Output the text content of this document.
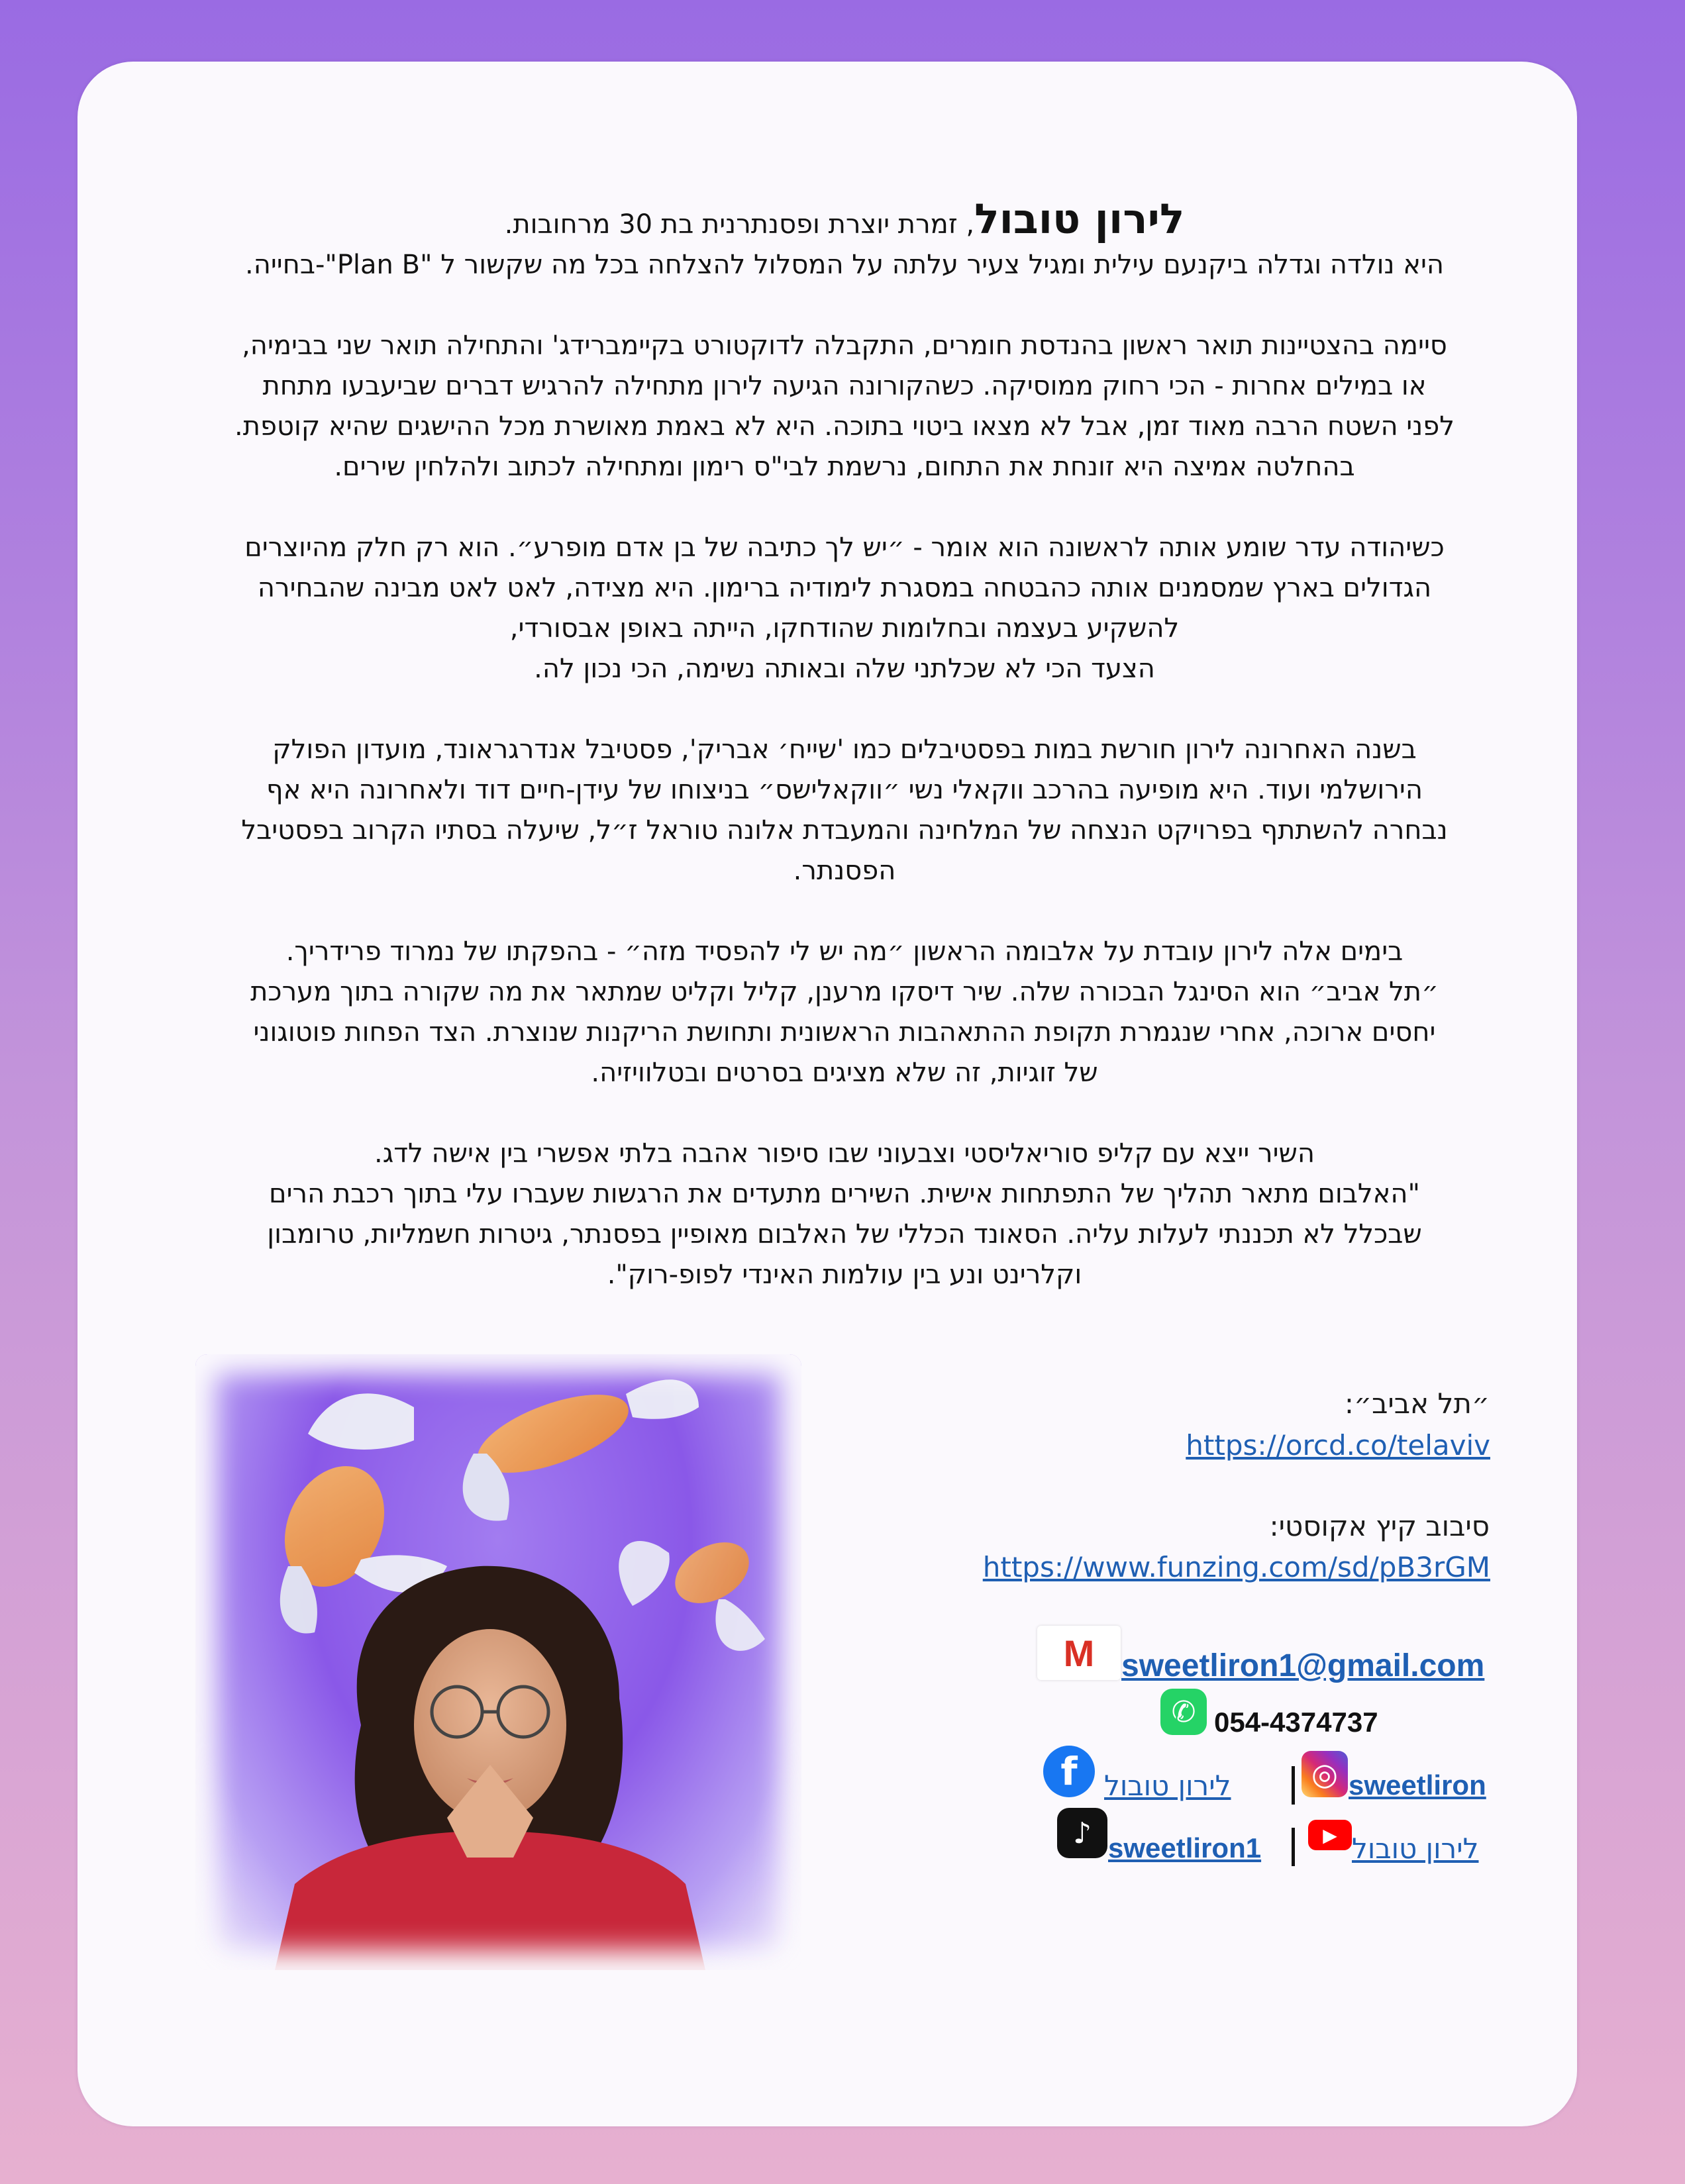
לירון טובול, זמרת יוצרת ופסנתרנית בת 30 מרחובות.
היא נולדה וגדלה ביקנעם עילית ומגיל צעיר עלתה על המסלול להצלחה בכל מה שקשור ל "Plan B"-בחייה.

סיימה בהצטיינות תואר ראשון בהנדסת חומרים, התקבלה לדוקטורט בקיימברידג' והתחילה תואר שני בבימיה,
או במילים אחרות - הכי רחוק ממוסיקה. כשהקורונה הגיעה לירון מתחילה להרגיש דברים שביעבעו מתחת
לפני השטח הרבה מאוד זמן, אבל לא מצאו ביטוי בתוכה. היא לא באמת מאושרת מכל ההישגים שהיא קוטפת.
בהחלטה אמיצה היא זונחת את התחום, נרשמת לבי"ס רימון ומתחילה לכתוב ולהלחין שירים.

כשיהודה עדר שומע אותה לראשונה הוא אומר - ״יש לך כתיבה של בן אדם מופרע״. הוא רק חלק מהיוצרים
הגדולים בארץ שמסמנים אותה כהבטחה במסגרת לימודיה ברימון. היא מצידה, לאט לאט מבינה שהבחירה
להשקיע בעצמה ובחלומות שהודחקו, הייתה באופן אבסורדי,
הצעד הכי לא שכלתני שלה ובאותה נשימה, הכי נכון לה.

בשנה האחרונה לירון חורשת במות בפסטיבלים כמו 'שייח׳ אבריק', פסטיבל אנדרגראונד, מועדון הפולק
הירושלמי ועוד. היא מופיעה בהרכב ווקאלי נשי ״ווקאלישס״ בניצוחו של עידן-חיים דוד ולאחרונה היא אף
נבחרה להשתתף בפרויקט הנצחה של המלחינה והמעבדת אלונה טוראל ז״ל, שיעלה בסתיו הקרוב בפסטיבל
הפסנתר.

בימים אלה לירון עובדת על אלבומה הראשון ״מה יש לי להפסיד מזה״ - בהפקתו של נמרוד פרידריך.
״תל אביב״ הוא הסינגל הבכורה שלה. שיר דיסקו מרענן, קליל וקליט שמתאר את מה שקורה בתוך מערכת
יחסים ארוכה, אחרי שנגמרת תקופת ההתאהבות הראשונית ותחושת הריקנות שנוצרת. הצד הפחות פוטוגוני
של זוגיות, זה שלא מציגים בסרטים ובטלוויזיה.

השיר ייצא עם קליפ סוריאליסטי וצבעוני שבו סיפור אהבה בלתי אפשרי בין אישה לדג.
"האלבום מתאר תהליך של התפתחות אישית. השירים מתעדים את הרגשות שעברו עלי בתוך רכבת הרים
שבכלל לא תכננתי לעלות עליה. הסאונד הכללי של האלבום מאופיין בפסנתר, גיטרות חשמליות, טרומבון
וקלרינט ונע בין עולמות האינדי לפופ-רוק".

״תל אביב״:
https://orcd.co/telaviv
סיבוב קיץ אקוסטי:
https://www.funzing.com/sd/pB3rGM
M sweetliron1@gmail.com
✆ 054-4374737
f לירון טובול	◎ sweetliron
♪ sweetliron1	▶ לירון טובול
